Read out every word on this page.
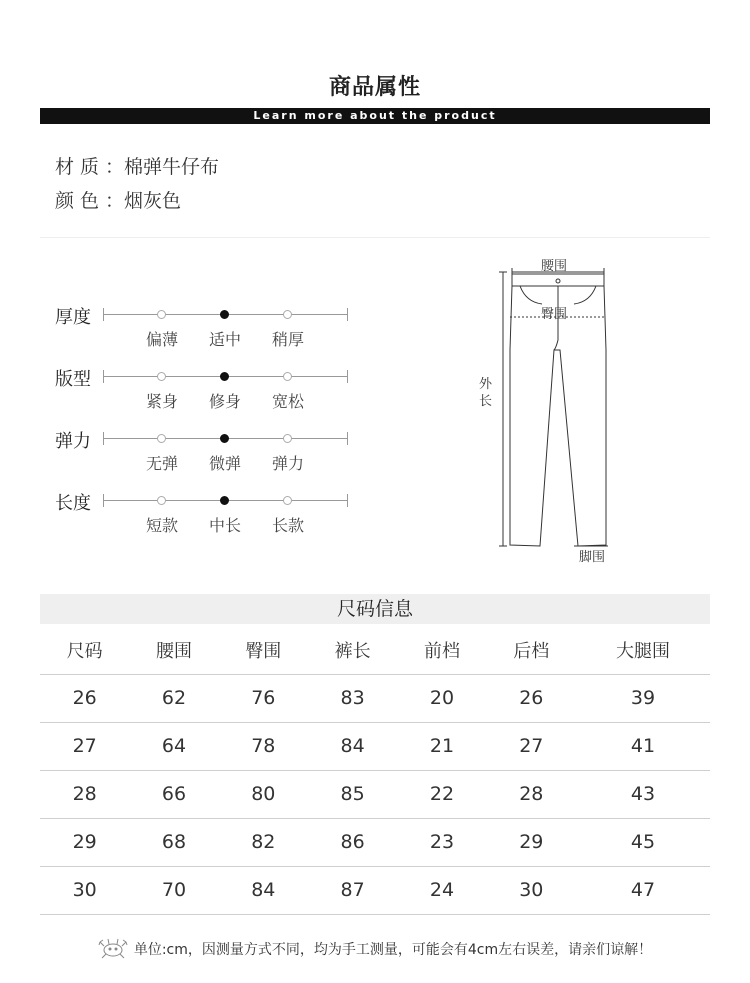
商品属性
Learn more about the product
材质：棉弹牛仔布
颜色：烟灰色
厚度
偏薄	适中	稍厚
版型
紧身	修身	宽松
弹力
无弹	微弹	弹力
长度
短款	中长	长款
腰围
臀围
外
长
脚围
尺码信息
尺码	腰围	臀围	裤长	前档	后档	大腿围
26	62	76	83	20	26	39
27	64	78	84	21	27	41
28	66	80	85	22	28	43
29	68	82	86	23	29	45
30	70	84	87	24	30	47
单位:cm，因测量方式不同，均为手工测量，可能会有4cm左右误差，请亲们谅解！
